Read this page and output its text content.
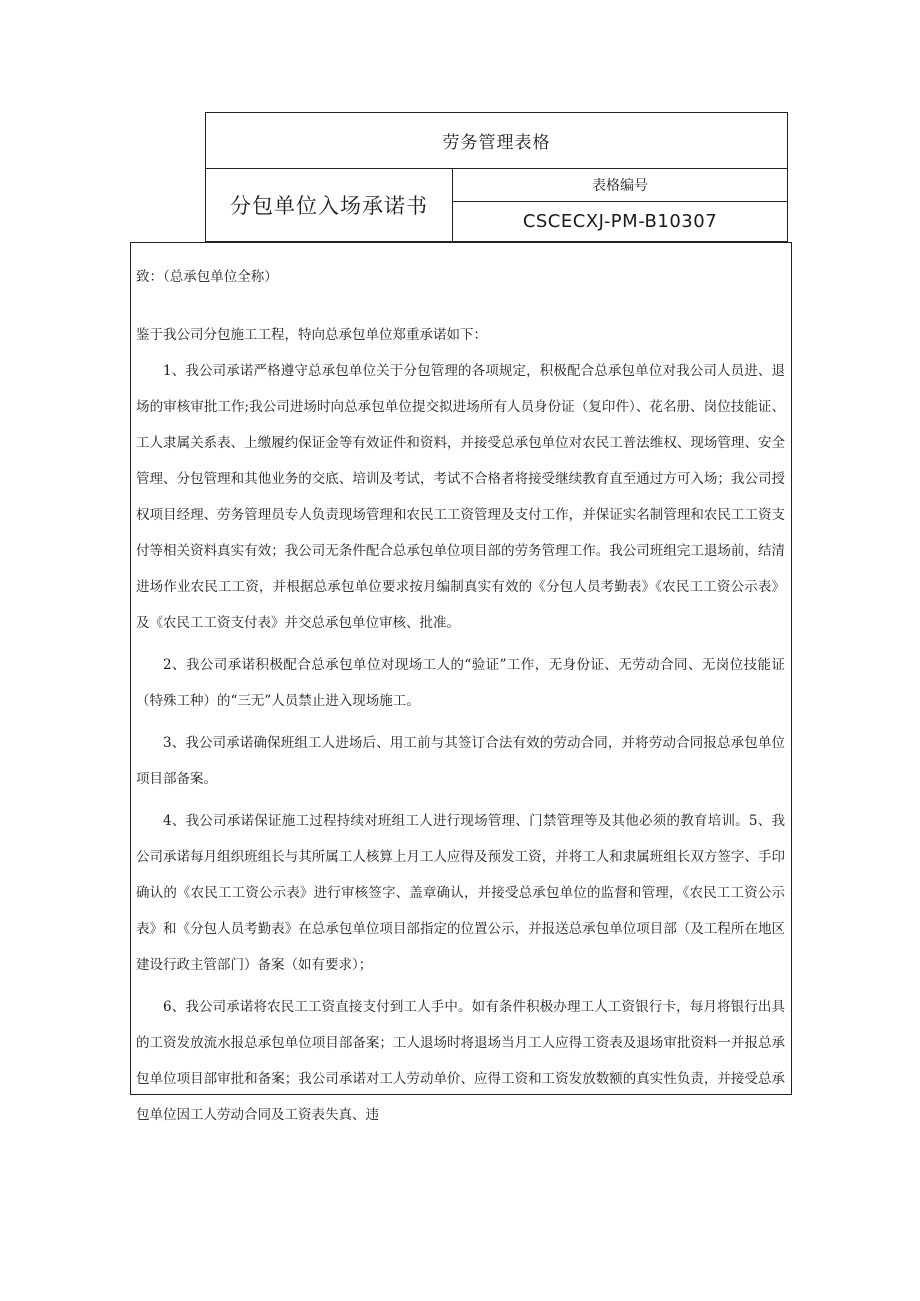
劳务管理表格
分包单位入场承诺书
表格编号
CSCECXJ-PM-B10307

致：（总承包单位全称）

鉴于我公司分包施工工程，特向总承包单位郑重承诺如下：

1、我公司承诺严格遵守总承包单位关于分包管理的各项规定，积极配合总承包单位对我公司人员进、退场的审核审批工作;我公司进场时向总承包单位提交拟进场所有人员身份证（复印件）、花名册、岗位技能证、工人隶属关系表、上缴履约保证金等有效证件和资料，并接受总承包单位对农民工普法维权、现场管理、安全管理、分包管理和其他业务的交底、培训及考试，考试不合格者将接受继续教育直至通过方可入场；我公司授权项目经理、劳务管理员专人负责现场管理和农民工工资管理及支付工作，并保证实名制管理和农民工工资支付等相关资料真实有效；我公司无条件配合总承包单位项目部的劳务管理工作。我公司班组完工退场前，结清进场作业农民工工资，并根据总承包单位要求按月编制真实有效的《分包人员考勤表》《农民工工资公示表》及《农民工工资支付表》并交总承包单位审核、批准。

2、我公司承诺积极配合总承包单位对现场工人的“验证”工作，无身份证、无劳动合同、无岗位技能证（特殊工种）的“三无”人员禁止进入现场施工。

3、我公司承诺确保班组工人进场后、用工前与其签订合法有效的劳动合同，并将劳动合同报总承包单位项目部备案。

4、我公司承诺保证施工过程持续对班组工人进行现场管理、门禁管理等及其他必须的教育培训。5、我公司承诺每月组织班组长与其所属工人核算上月工人应得及预发工资，并将工人和隶属班组长双方签字、手印确认的《农民工工资公示表》进行审核签字、盖章确认，并接受总承包单位的监督和管理，《农民工工资公示表》和《分包人员考勤表》在总承包单位项目部指定的位置公示，并报送总承包单位项目部（及工程所在地区建设行政主管部门）备案（如有要求）；

6、我公司承诺将农民工工资直接支付到工人手中。如有条件积极办理工人工资银行卡，每月将银行出具的工资发放流水报总承包单位项目部备案；工人退场时将退场当月工人应得工资表及退场审批资料一并报总承包单位项目部审批和备案；我公司承诺对工人劳动单价、应得工资和工资发放数额的真实性负责，并接受总承包单位因工人劳动合同及工资表失真、违
